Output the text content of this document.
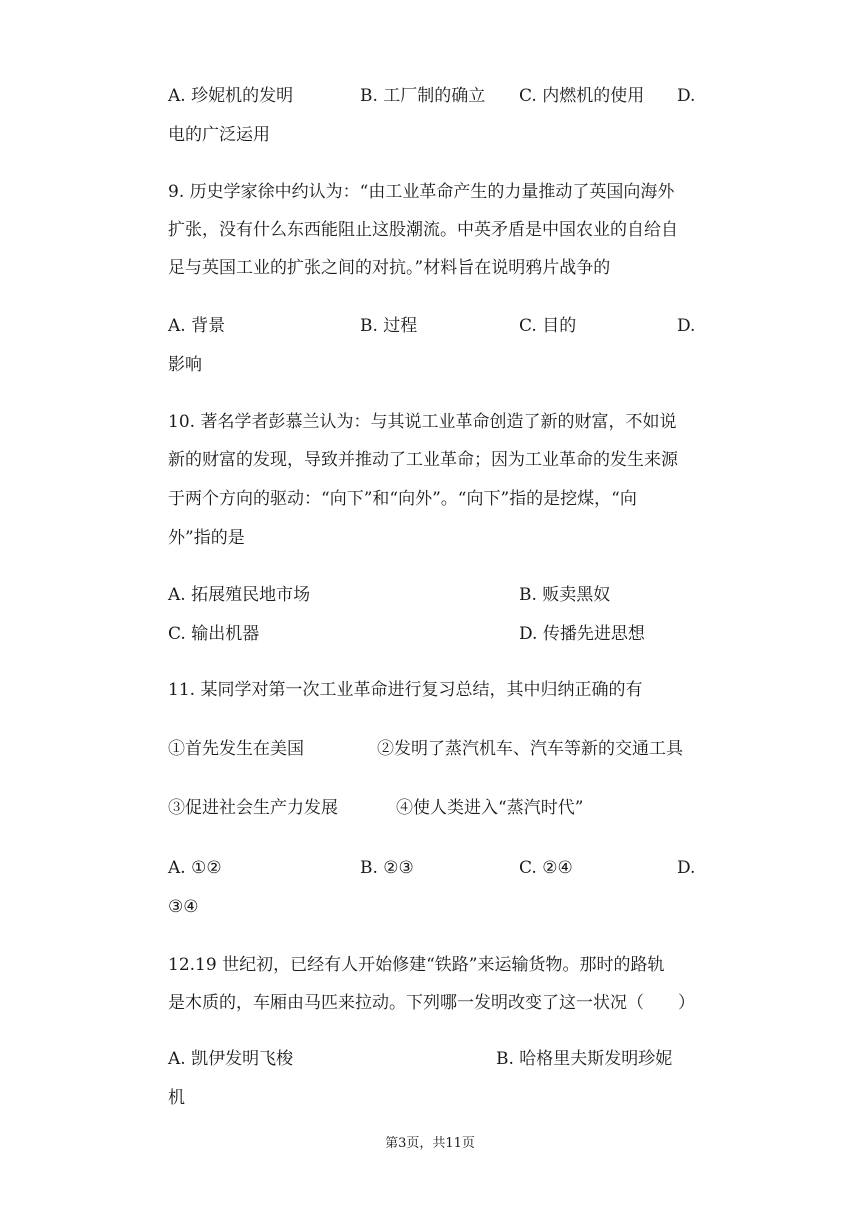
A. 珍妮机的发明	B. 工厂制的确立 C. 内燃机的使用 D.
电的广泛运用
9. 历史学家徐中约认为：“由工业革命产生的力量推动了英国向海外
扩张，没有什么东西能阻止这股潮流。中英矛盾是中国农业的自给自
足与英国工业的扩张之间的对抗。”材料旨在说明鸦片战争的
A. 背景	B. 过程	C. 目的	D.
影响
10. 著名学者彭慕兰认为：与其说工业革命创造了新的财富，不如说
新的财富的发现，导致并推动了工业革命；因为工业革命的发生来源
于两个方向的驱动：“向下”和“向外”。“向下”指的是挖煤，“向
外”指的是
A. 拓展殖民地市场	B. 贩卖黑奴
C. 输出机器	D. 传播先进思想
11. 某同学对第一次工业革命进行复习总结，其中归纳正确的有
①首先发生在美国	②发明了蒸汽机车、汽车等新的交通工具
③促进社会生产力发展	④使人类进入“蒸汽时代”
A. ①②	B. ②③	C. ②④	D.
③④
12.19 世纪初，已经有人开始修建“铁路”来运输货物。那时的路轨
是木质的，车厢由马匹来拉动。下列哪一发明改变了这一状况（　　）
A. 凯伊发明飞梭	B. 哈格里夫斯发明珍妮
机
第3页，共11页
